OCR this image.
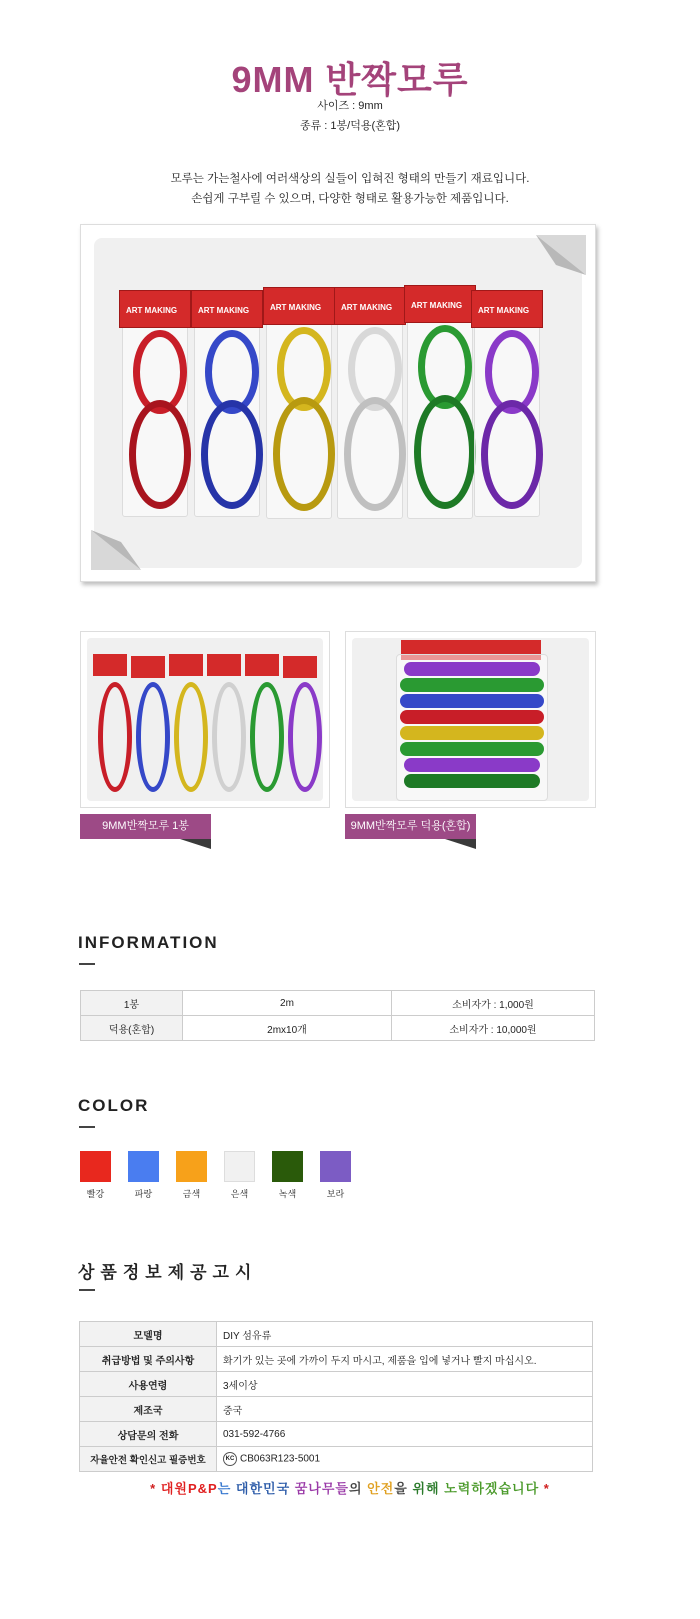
9MM 반짝모루
사이즈 : 9mm
종류 : 1봉/덕용(혼합)
모루는 가는철사에 여러색상의 실들이 입혀진 형태의 만들기 재료입니다.
손쉽게 구부릴 수 있으며, 다양한 형태로 활용가능한 제품입니다.
ART MAKING	ART MAKING	ART MAKING ART MAKING ART MAKING
ART MAKING
9MM반짝모루 1봉	9MM반짝모루 덕용(혼합)
INFORMATION
1봉	2m	소비자가 : 1,000원
덕용(혼합)	2mx10개	소비자가 : 10,000원
COLOR
빨강	파랑	금색	은색	녹색	보라
상품정보제공고시
모델명	DIY 섬유류
취급방법 및 주의사항	화기가 있는 곳에 가까이 두지 마시고, 제품을 입에 넣거나 빨지 마십시오.
사용연령	3세이상
제조국	중국
상담문의 전화	031-592-4766
자율안전 확인신고 필증번호	KC CB063R123-5001
* 대원P&P는 대한민국 꿈나무들의 안전을 위해 노력하겠습니다 *
